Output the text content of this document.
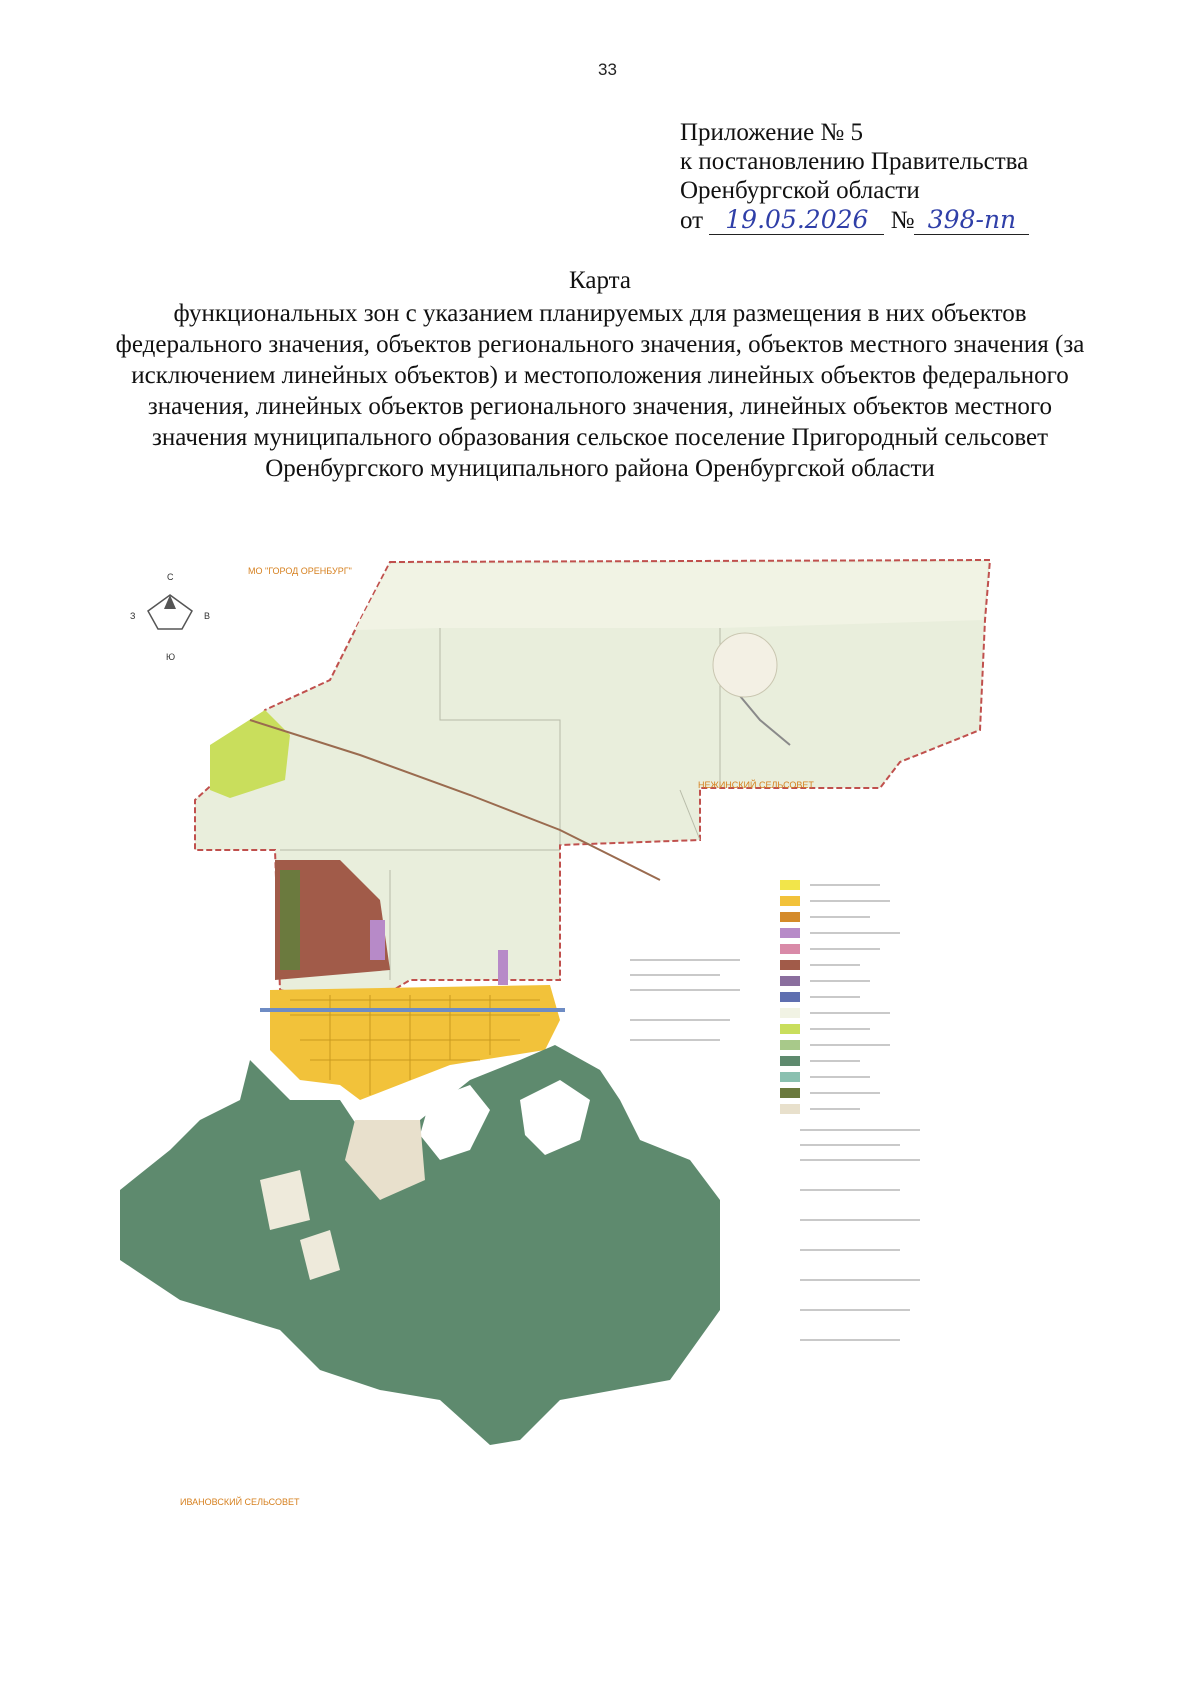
33
Приложение № 5
к постановлению Правительства
Оренбургской области
от 19.05.2026 № 398-пп
Карта
функциональных зон с указанием планируемых для размещения в них объектов федерального значения, объектов регионального значения, объектов местного значения (за исключением линейных объектов) и местоположения линейных объектов федерального значения, линейных объектов регионального значения, линейных объектов местного значения муниципального образования сельское поселение Пригородный сельсовет Оренбургского муниципального района Оренбургской области
С
Ю
З	В
МО "ГОРОД ОРЕНБУРГ"
НЕЖИНСКИЙ СЕЛЬСОВЕТ
ИВАНОВСКИЙ СЕЛЬСОВЕТ
